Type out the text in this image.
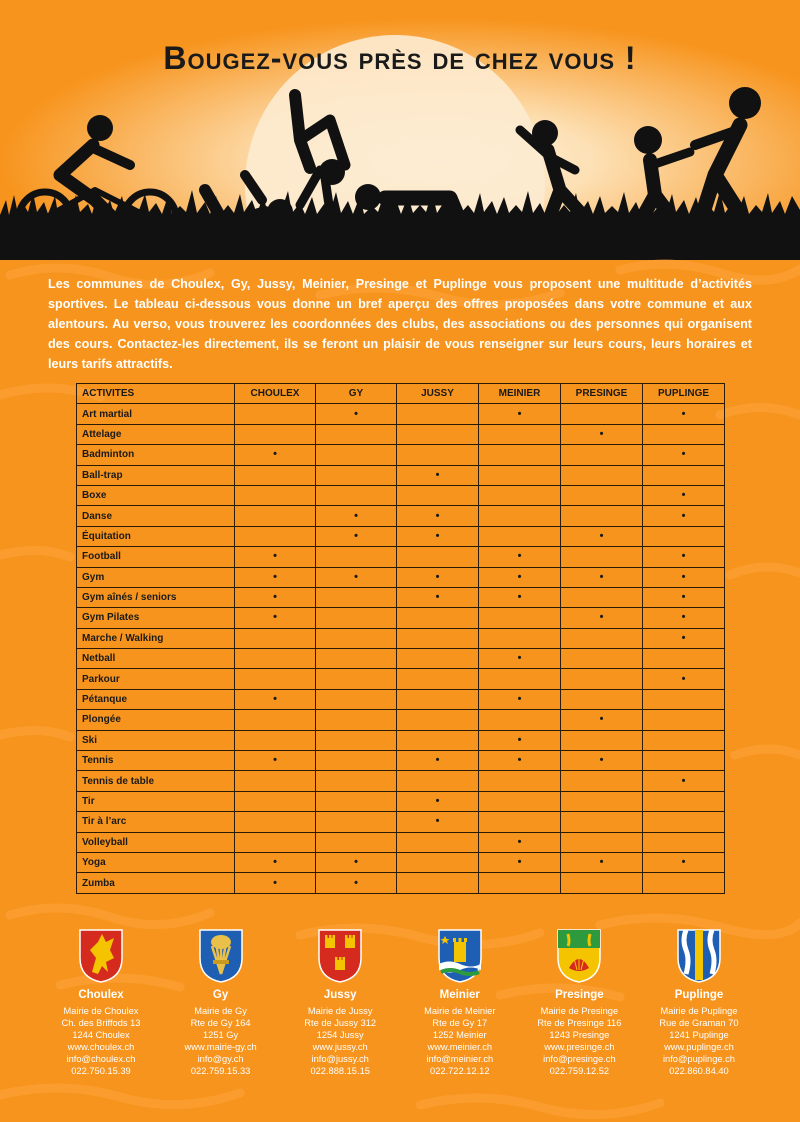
Bougez-vous près de chez vous !
Les communes de Choulex, Gy, Jussy, Meinier, Presinge et Puplinge vous proposent une multitude d’activités sportives. Le tableau ci-dessous vous donne un bref aperçu des offres proposées dans votre commune et aux alentours. Au verso, vous trouverez les coordonnées des clubs, des associations ou des personnes qui organisent des cours. Contactez-les directement, ils se feront un plaisir de vous renseigner sur leurs cours, leurs horaires et leurs tarifs attractifs.
ACTIVITES	CHOULEX	GY	JUSSY	MEINIER	PRESINGE	PUPLINGE
Art martial		•		•		•
Attelage					•	
Badminton	•					•
Ball-trap			•			
Boxe						•
Danse		•	•			•
Équitation		•	•		•	
Football	•			•		•
Gym	•	•	•	•	•	•
Gym aînés / seniors	•		•	•		•
Gym Pilates	•				•	•
Marche / Walking						•
Netball				•		
Parkour						•
Pétanque	•			•		
Plongée					•	
Ski				•		
Tennis	•		•	•	•	
Tennis de table						•
Tir			•			
Tir à l’arc			•			
Volleyball				•		
Yoga	•	•		•	•	•
Zumba	•	•				
Choulex
Mairie de Choulex
Ch. des Briffods 13
1244 Choulex
www.choulex.ch
info@choulex.ch
022.750.15.39
Gy
Mairie de Gy
Rte de Gy 164
1251 Gy
www.mairie-gy.ch
info@gy.ch
022.759.15.33
Jussy
Mairie de Jussy
Rte de Jussy 312
1254 Jussy
www.jussy.ch
info@jussy.ch
022.888.15.15
Meinier
Mairie de Meinier
Rte de Gy 17
1252 Meinier
www.meinier.ch
info@meinier.ch
022.722.12.12
Presinge
Mairie de Presinge
Rte de Presinge 116
1243 Presinge
www.presinge.ch
info@presinge.ch
022.759.12.52
Puplinge
Mairie de Puplinge
Rue de Graman 70
1241 Puplinge
www.puplinge.ch
info@puplinge.ch
022.860.84.40
